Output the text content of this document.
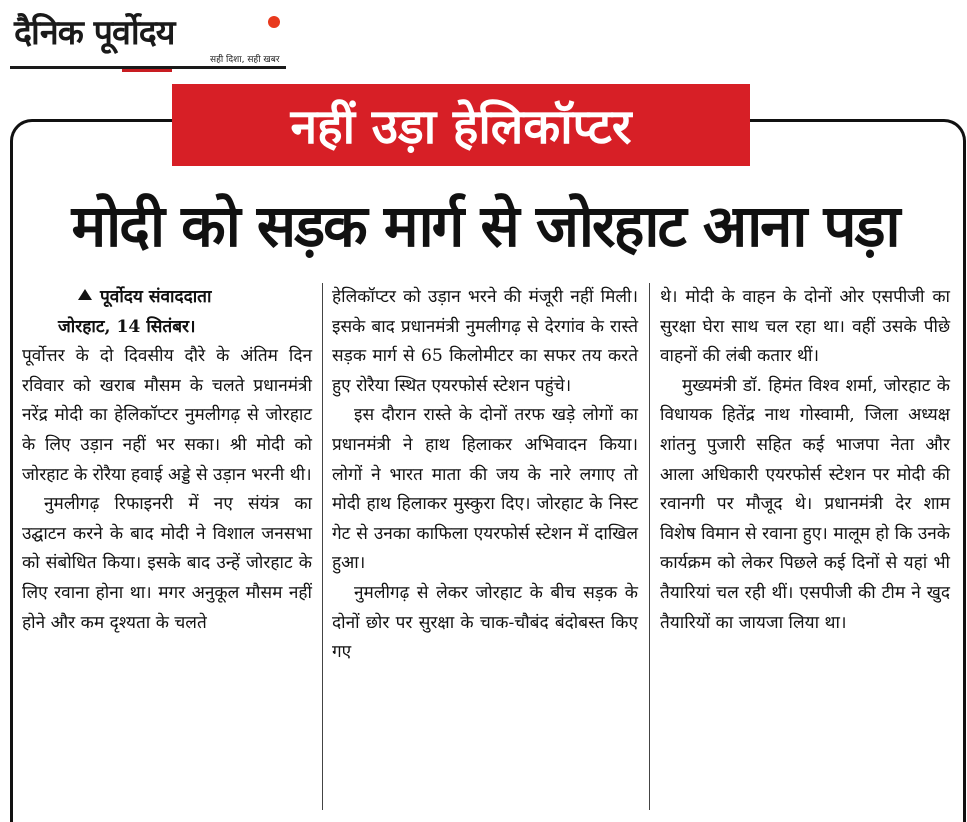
दैनिक पूर्वोदय
सही दिशा, सही खबर
नहीं उड़ा हेलिकॉप्टर
मोदी को सड़क मार्ग से जोरहाट आना पड़ा

पूर्वोदय संवाददाता

जोरहाट, 14 सितंबर।

पूर्वोत्तर के दो दिवसीय दौरे के अंतिम दिन रविवार को खराब मौसम के चलते प्रधानमंत्री नरेंद्र मोदी का हेलिकॉप्टर नुमलीगढ़ से जोरहाट के लिए उड़ान नहीं भर सका। श्री मोदी को जोरहाट के रोरैया हवाई अड्डे से उड़ान भरनी थी।

नुमलीगढ़ रिफाइनरी में नए संयंत्र का उद्घाटन करने के बाद मोदी ने विशाल जनसभा को संबोधित किया। इसके बाद उन्हें जोरहाट के लिए रवाना होना था। मगर अनुकूल मौसम नहीं होने और कम दृश्यता के चलते

हेलिकॉप्टर को उड़ान भरने की मंजूरी नहीं मिली। इसके बाद प्रधानमंत्री नुमलीगढ़ से देरगांव के रास्ते सड़क मार्ग से 65 किलोमीटर का सफर तय करते हुए रोरैया स्थित एयरफोर्स स्टेशन पहुंचे।

इस दौरान रास्ते के दोनों तरफ खड़े लोगों का प्रधानमंत्री ने हाथ हिलाकर अभिवादन किया। लोगों ने भारत माता की जय के नारे लगाए तो मोदी हाथ हिलाकर मुस्कुरा दिए। जोरहाट के निस्ट गेट से उनका काफिला एयरफोर्स स्टेशन में दाखिल हुआ।

नुमलीगढ़ से लेकर जोरहाट के बीच सड़क के दोनों छोर पर सुरक्षा के चाक-चौबंद बंदोबस्त किए गए

थे। मोदी के वाहन के दोनों ओर एसपीजी का सुरक्षा घेरा साथ चल रहा था। वहीं उसके पीछे वाहनों की लंबी कतार थीं।

मुख्यमंत्री डॉ. हिमंत विश्व शर्मा, जोरहाट के विधायक हितेंद्र नाथ गोस्वामी, जिला अध्यक्ष शांतनु पुजारी सहित कई भाजपा नेता और आला अधिकारी एयरफोर्स स्टेशन पर मोदी की रवानगी पर मौजूद थे। प्रधानमंत्री देर शाम विशेष विमान से रवाना हुए। मालूम हो कि उनके कार्यक्रम को लेकर पिछले कई दिनों से यहां भी तैयारियां चल रही थीं। एसपीजी की टीम ने खुद तैयारियों का जायजा लिया था।
